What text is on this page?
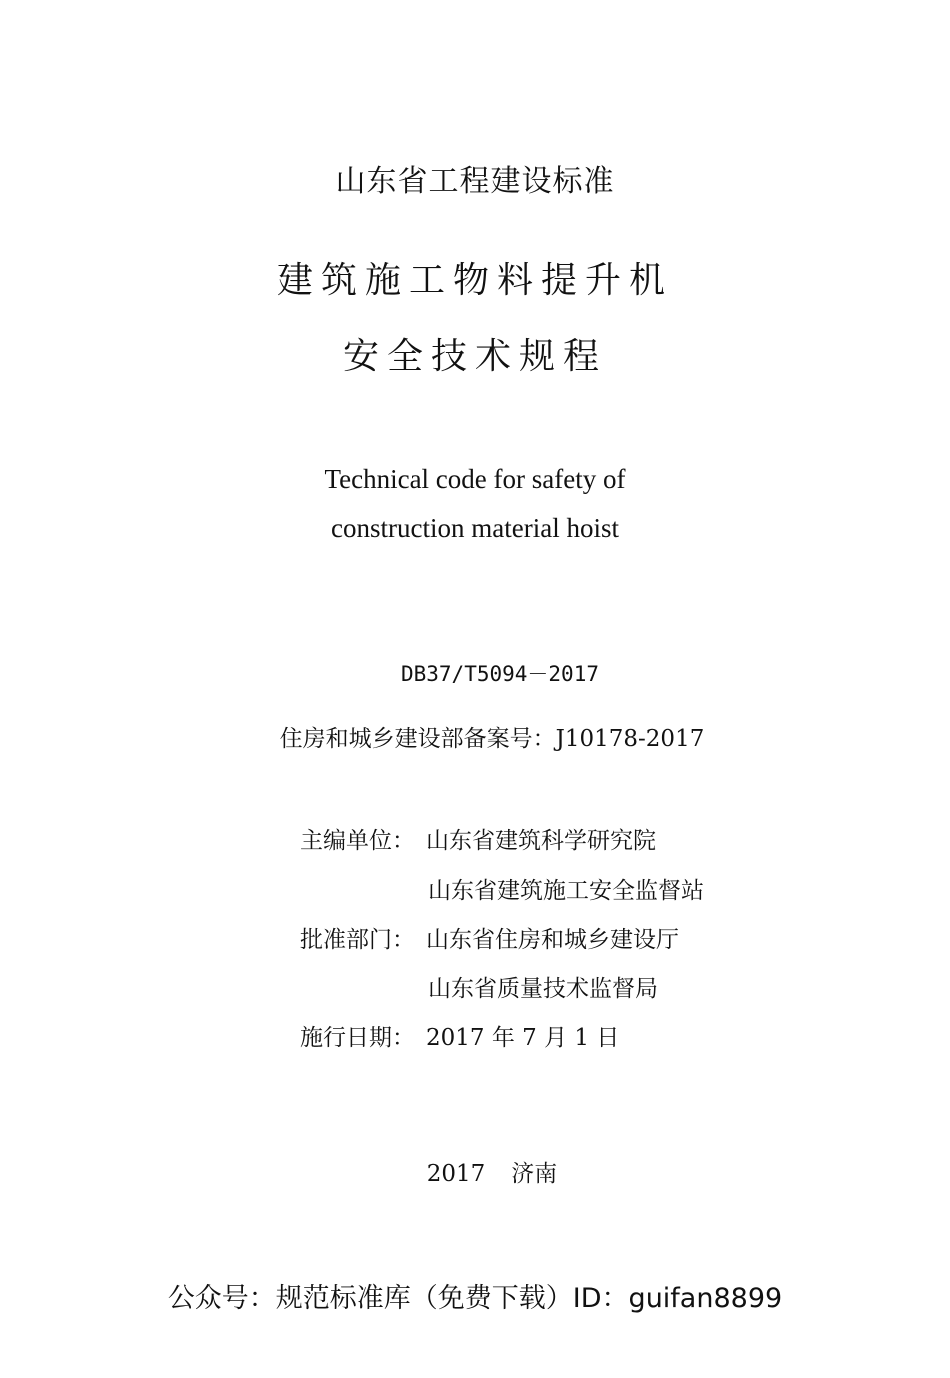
山东省工程建设标准
建筑施工物料提升机
安全技术规程
Technical code for safety of
construction material hoist
DB37/T5094－2017
住房和城乡建设部备案号：J10178-2017
主编单位： 山东省建筑科学研究院
山东省建筑施工安全监督站
批准部门： 山东省住房和城乡建设厅
山东省质量技术监督局
施行日期： 2017 年 7 月 1 日
2017 济南
公众号：规范标准库（免费下载）ID：guifan8899
